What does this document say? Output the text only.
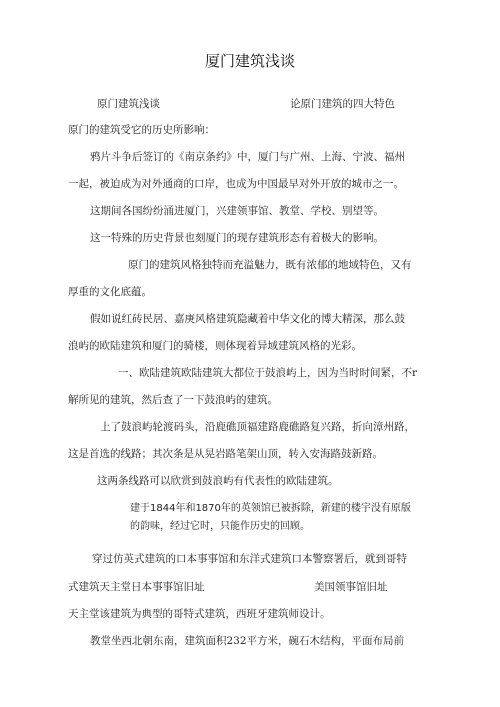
厦门建筑浅谈
原门建筑浅谈	论原门建筑的四大特色
原门的建筑受它的历史所影响：
鸦片斗争后签订的《南京条约》中，厦门与广州、上海、宁波、福州
一起，被迫成为对外通商的口岸，也成为中国最早对外开放的城市之一。
这期间各国纷纷涌进厦门，兴建领事馆、教堂、学校、别望等。
这一特殊的历史背景也刻厦门的现存建筑形态有着极大的影响。
原门的建筑风格独特而充溢魅力，既有浓郁的地域特色，又有
厚重的文化底蕴。
假如说红砖民居、嘉庚风格建筑隐藏着中华文化的博大精深，那么鼓
浪屿的欧陆建筑和厦门的骑楼，则体现着异域建筑风格的光彩。
一、欧陆建筑欧陆建筑大都位于鼓浪屿上，因为当时时间紧，不r
解所见的建筑，然后查了一下鼓浪屿的建筑。
上了鼓浪屿轮渡码头，沿鹿礁顶福建路鹿礁路复兴路，折向漳州路，
这是首选的线路；其次条是从晃岩路笔架山顶，转入安海路鼓新路。
这两条线路可以欣赏到鼓浪屿有代表性的欧陆建筑。
建于1844年和1870年的英领馆已被拆除，新建的楼宇没有原版
的韵味，经过它时，只能作历史的回顾。
穿过仿英式建筑的口本事事馆和东洋式建筑口本警察署后，就到哥特
式建筑天主堂日本事事馆旧址	美国领事馆旧址
天主堂该建筑为典型的哥特式建筑，西班牙建筑师设计。
教堂坐西北朝东南，建筑面积232平方米，碗石木结构，平面布局前
